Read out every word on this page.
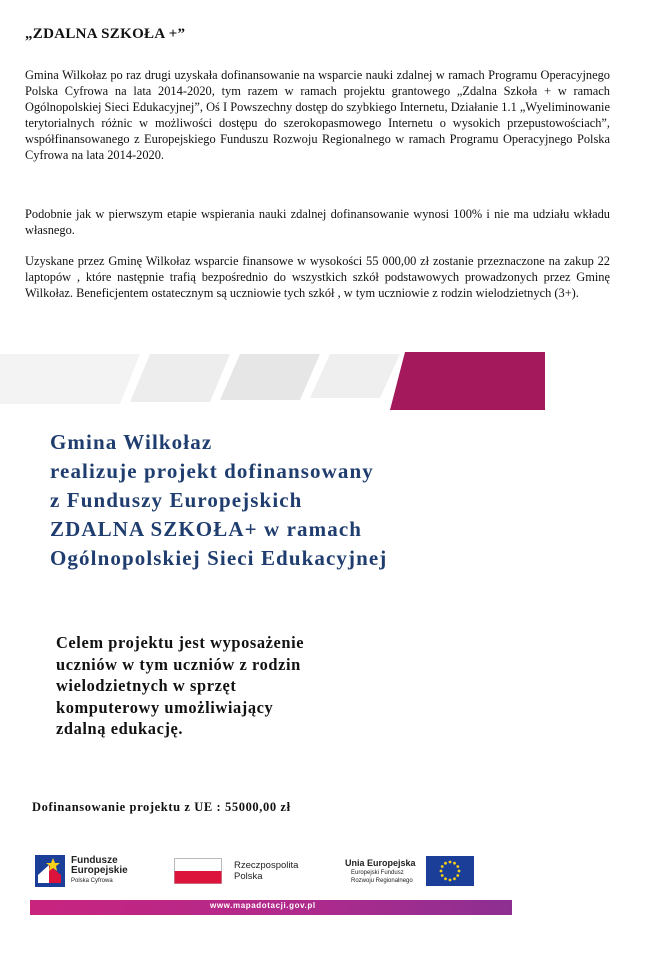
„ZDALNA SZKOŁA +”
Gmina Wilkołaz po raz drugi uzyskała dofinansowanie na wsparcie nauki zdalnej w ramach Programu Operacyjnego Polska Cyfrowa na lata 2014-2020, tym razem w ramach projektu grantowego „Zdalna Szkoła + w ramach Ogólnopolskiej Sieci Edukacyjnej”, Oś I Powszechny dostęp do szybkiego Internetu, Działanie 1.1 „Wyeliminowanie terytorialnych różnic w możliwości dostępu do szerokopasmowego Internetu o wysokich przepustowościach”, współfinansowanego z Europejskiego Funduszu Rozwoju Regionalnego w ramach Programu Operacyjnego Polska Cyfrowa na lata 2014-2020.
Podobnie jak w pierwszym etapie wspierania nauki zdalnej dofinansowanie wynosi 100% i nie ma udziału wkładu własnego.
Uzyskane przez Gminę Wilkołaz wsparcie finansowe w wysokości 55 000,00 zł zostanie przeznaczone na zakup 22 laptopów , które następnie trafią bezpośrednio do wszystkich szkół podstawowych prowadzonych przez Gminę Wilkołaz. Beneficjentem ostatecznym są uczniowie tych szkół , w tym uczniowie z rodzin wielodzietnych (3+).
Gmina Wilkołaz
realizuje projekt dofinansowany
z Funduszy Europejskich
ZDALNA SZKOŁA+ w ramach
Ogólnopolskiej Sieci Edukacyjnej
Celem projektu jest wyposażenie
uczniów w tym uczniów z rodzin
wielodzietnych w sprzęt
komputerowy umożliwiający
zdalną edukację.
Dofinansowanie projektu z UE : 55000,00 zł
Fundusze
Europejskie
Polska Cyfrowa
Rzeczpospolita
Polska
Unia Europejska
Europejski Fundusz
Rozwoju Regionalnego
www.mapadotacji.gov.pl
